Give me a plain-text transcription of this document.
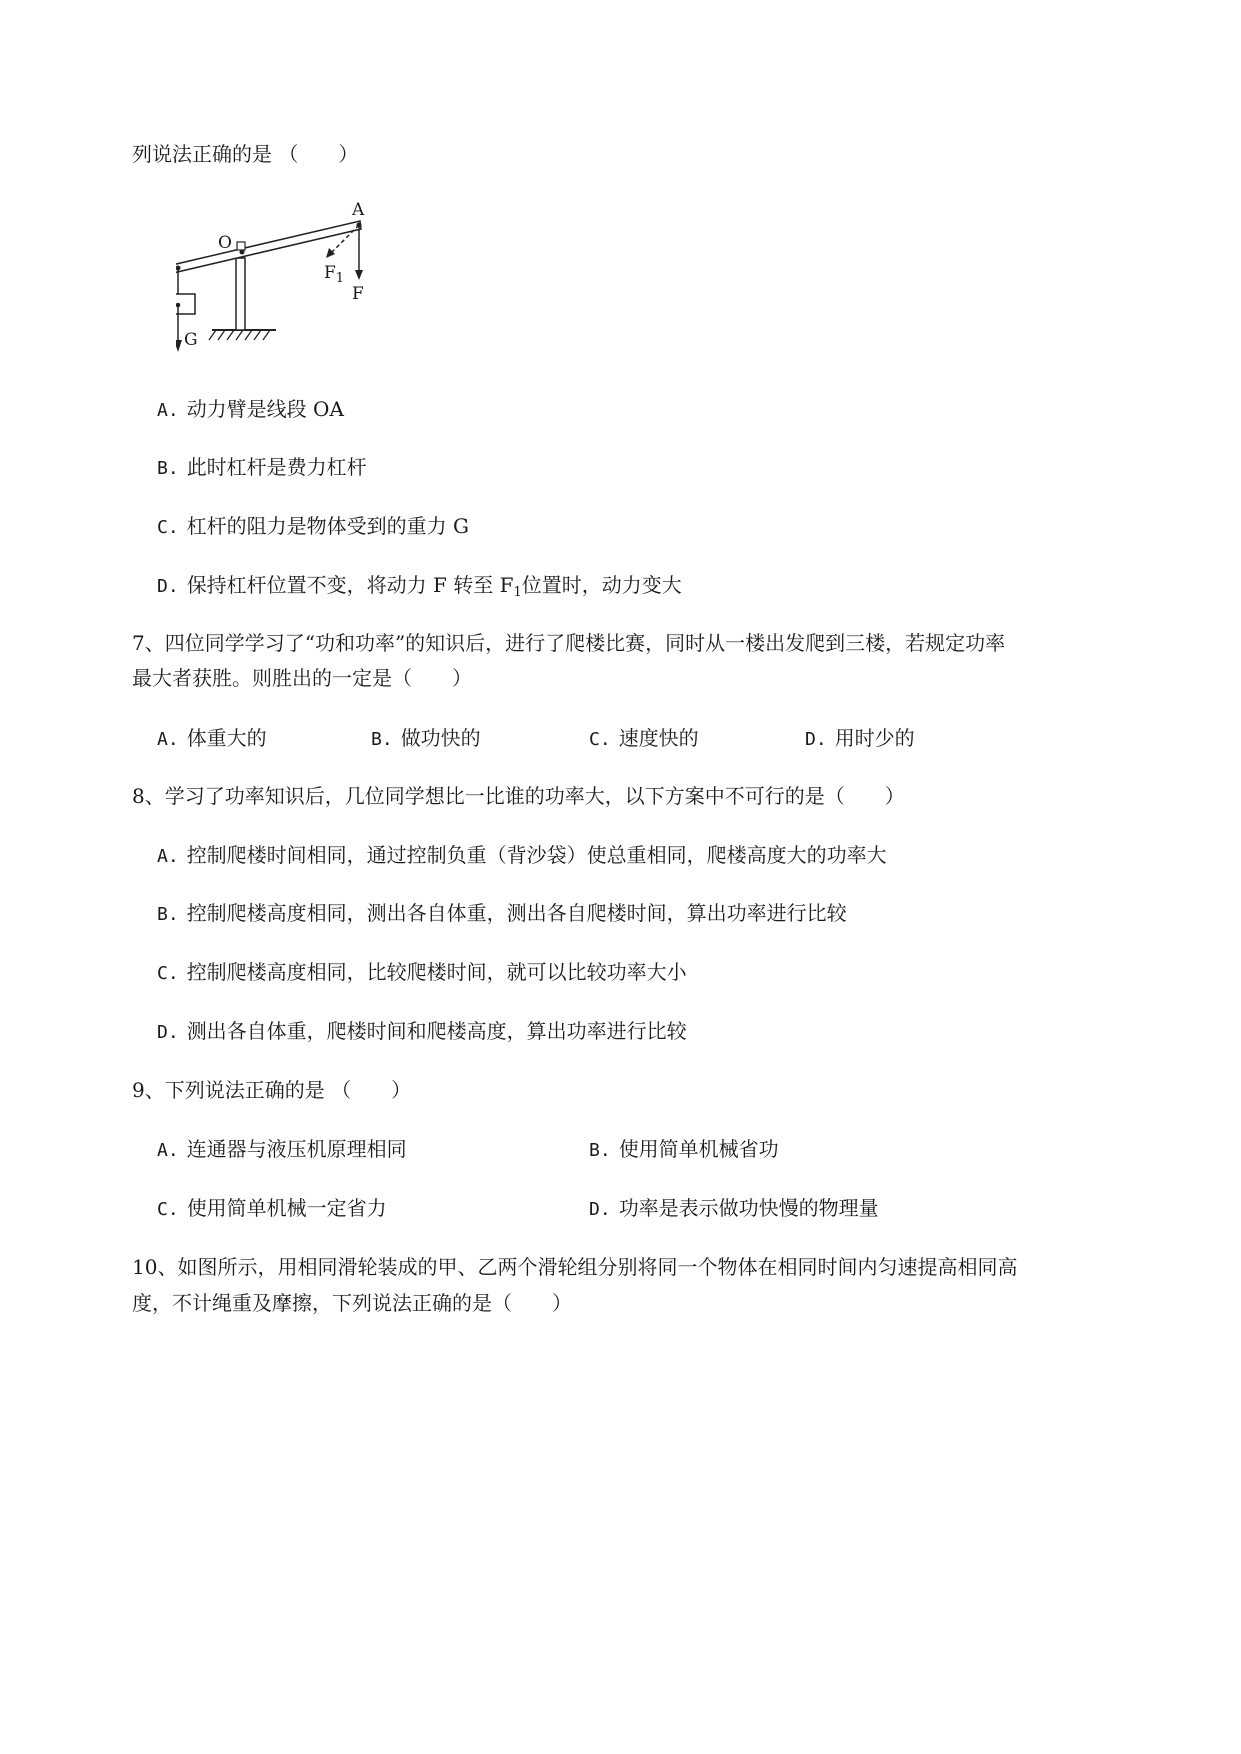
列说法正确的是 （　　）
A
O
$F_1$
F
G
A. 动力臂是线段 OA
B. 此时杠杆是费力杠杆
C. 杠杆的阻力是物体受到的重力 G
D. 保持杠杆位置不变，将动力 F 转至 $F_1$位置时，动力变大
7、四位同学学习了“功和功率”的知识后，进行了爬楼比赛，同时从一楼出发爬到三楼，若规定功率
最大者获胜。则胜出的一定是（　　）
A. 体重大的	B. 做功快的	C. 速度快的	D. 用时少的
8、学习了功率知识后，几位同学想比一比谁的功率大，以下方案中不可行的是（　　）
A. 控制爬楼时间相同，通过控制负重（背沙袋）使总重相同，爬楼高度大的功率大
B. 控制爬楼高度相同，测出各自体重，测出各自爬楼时间，算出功率进行比较
C. 控制爬楼高度相同，比较爬楼时间，就可以比较功率大小
D. 测出各自体重，爬楼时间和爬楼高度，算出功率进行比较
9、下列说法正确的是 （　　）
A. 连通器与液压机原理相同	B. 使用简单机械省功
C. 使用简单机械一定省力	D. 功率是表示做功快慢的物理量
10、如图所示，用相同滑轮装成的甲、乙两个滑轮组分别将同一个物体在相同时间内匀速提高相同高
度，不计绳重及摩擦，下列说法正确的是（　　）
